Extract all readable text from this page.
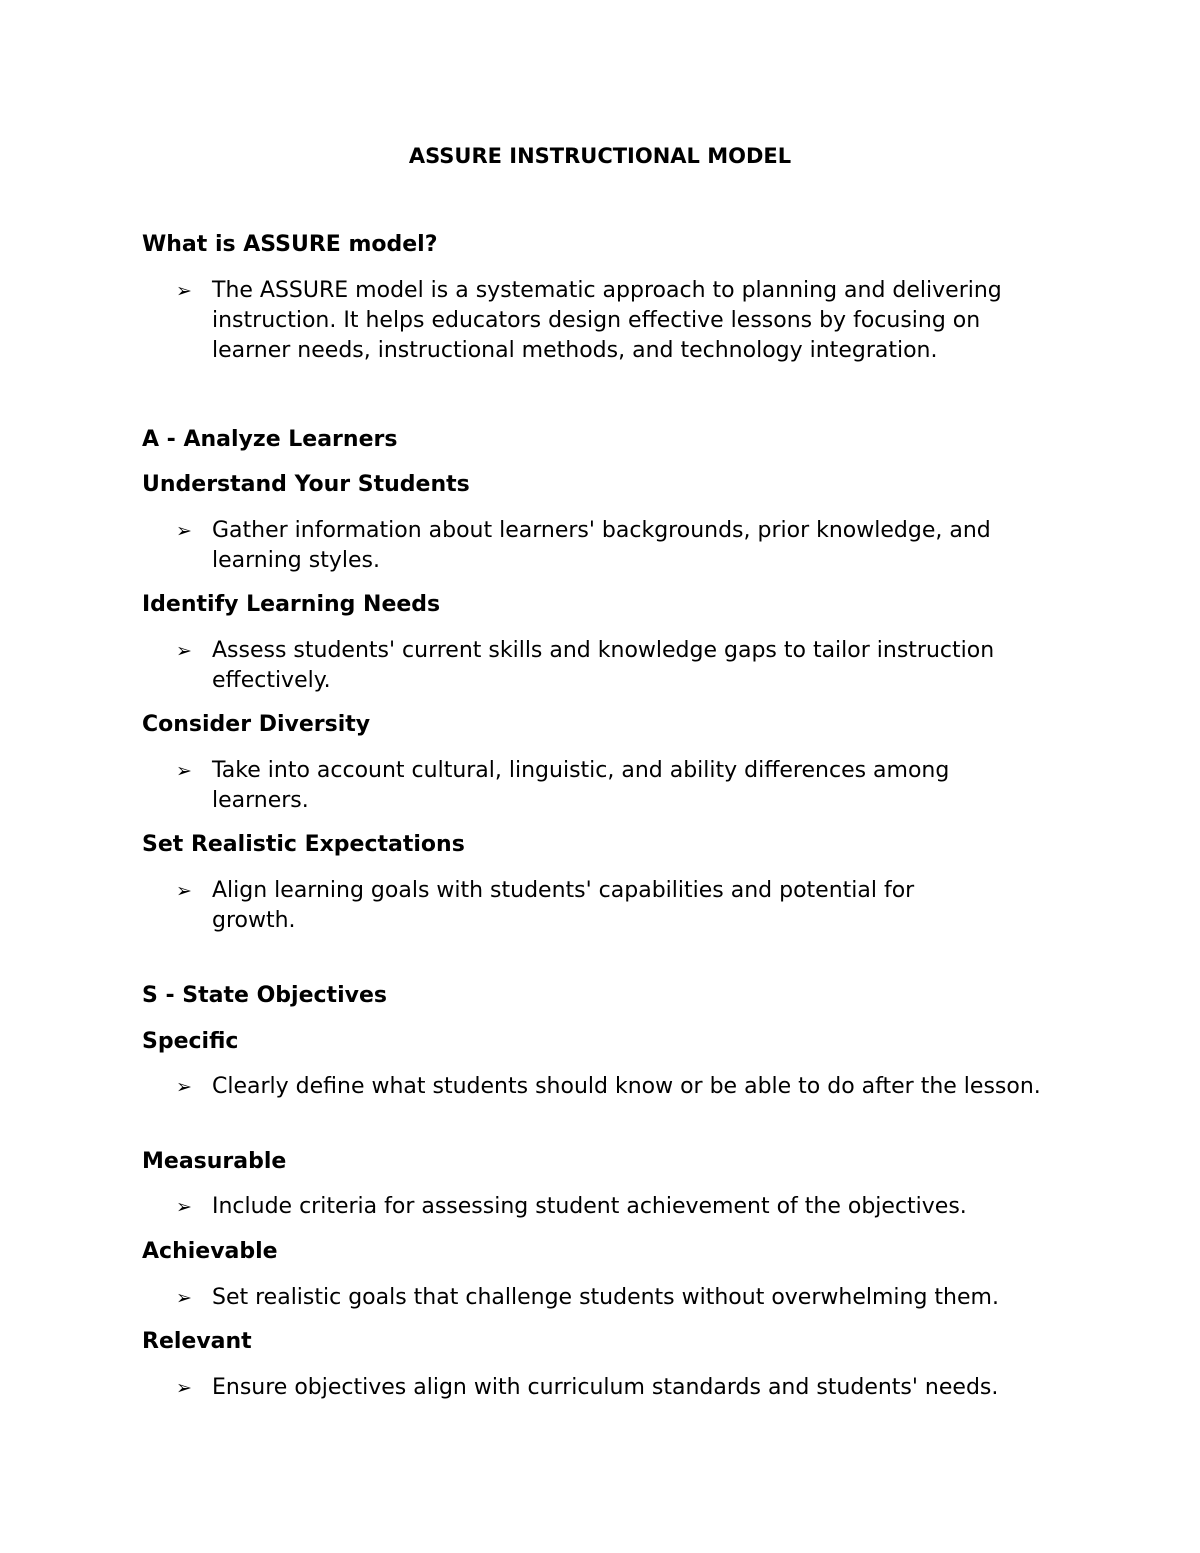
ASSURE INSTRUCTIONAL MODEL
What is ASSURE model?
➢ The ASSURE model is a systematic approach to planning and delivering instruction. It helps educators design effective lessons by focusing on learner needs, instructional methods, and technology integration.
A - Analyze Learners
Understand Your Students
➢ Gather information about learners' backgrounds, prior knowledge, and learning styles.
Identify Learning Needs
➢ Assess students' current skills and knowledge gaps to tailor instruction effectively.
Consider Diversity
➢ Take into account cultural, linguistic, and ability differences among learners.
Set Realistic Expectations
➢ Align learning goals with students' capabilities and potential for growth.
S - State Objectives
Specific
➢ Clearly define what students should know or be able to do after the lesson.
Measurable
➢ Include criteria for assessing student achievement of the objectives.
Achievable
➢ Set realistic goals that challenge students without overwhelming them.
Relevant
➢ Ensure objectives align with curriculum standards and students' needs.
